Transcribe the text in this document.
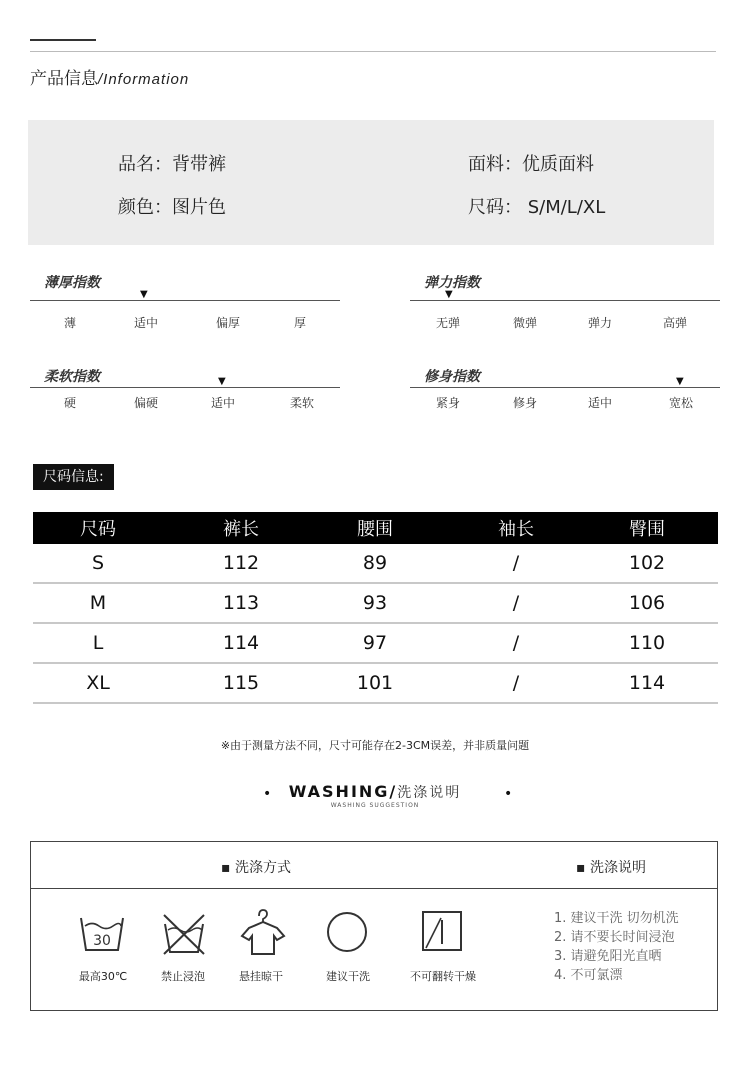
产品信息/Information
品名：背带裤
颜色：图片色
面料：优质面料
尺码： S/M/L/XL
薄厚指数
▼
薄	适中	偏厚	厚
弹力指数
▼
无弹	微弹	弹力	高弹
柔软指数	▼
硬	偏硬	适中	柔软
修身指数	▼
紧身	修身	适中	宽松
尺码信息:
尺码	裤长	腰围	袖长	臀围
S	112	89	/	102
M	113	93	/	106
L	114	97	/	110
XL	115	101	/	114
※由于测量方法不同，尺寸可能存在2-3CM误差，并非质量问题
•	WASHING/洗涤说明
WASHING SUGGESTION
•
▪ 洗涤方式	▪ 洗涤说明
30
最高30℃	禁止浸泡	悬挂晾干	建议干洗	不可翻转干燥
1. 建议干洗 切勿机洗
2. 请不要长时间浸泡
3. 请避免阳光直晒
4. 不可氯漂
